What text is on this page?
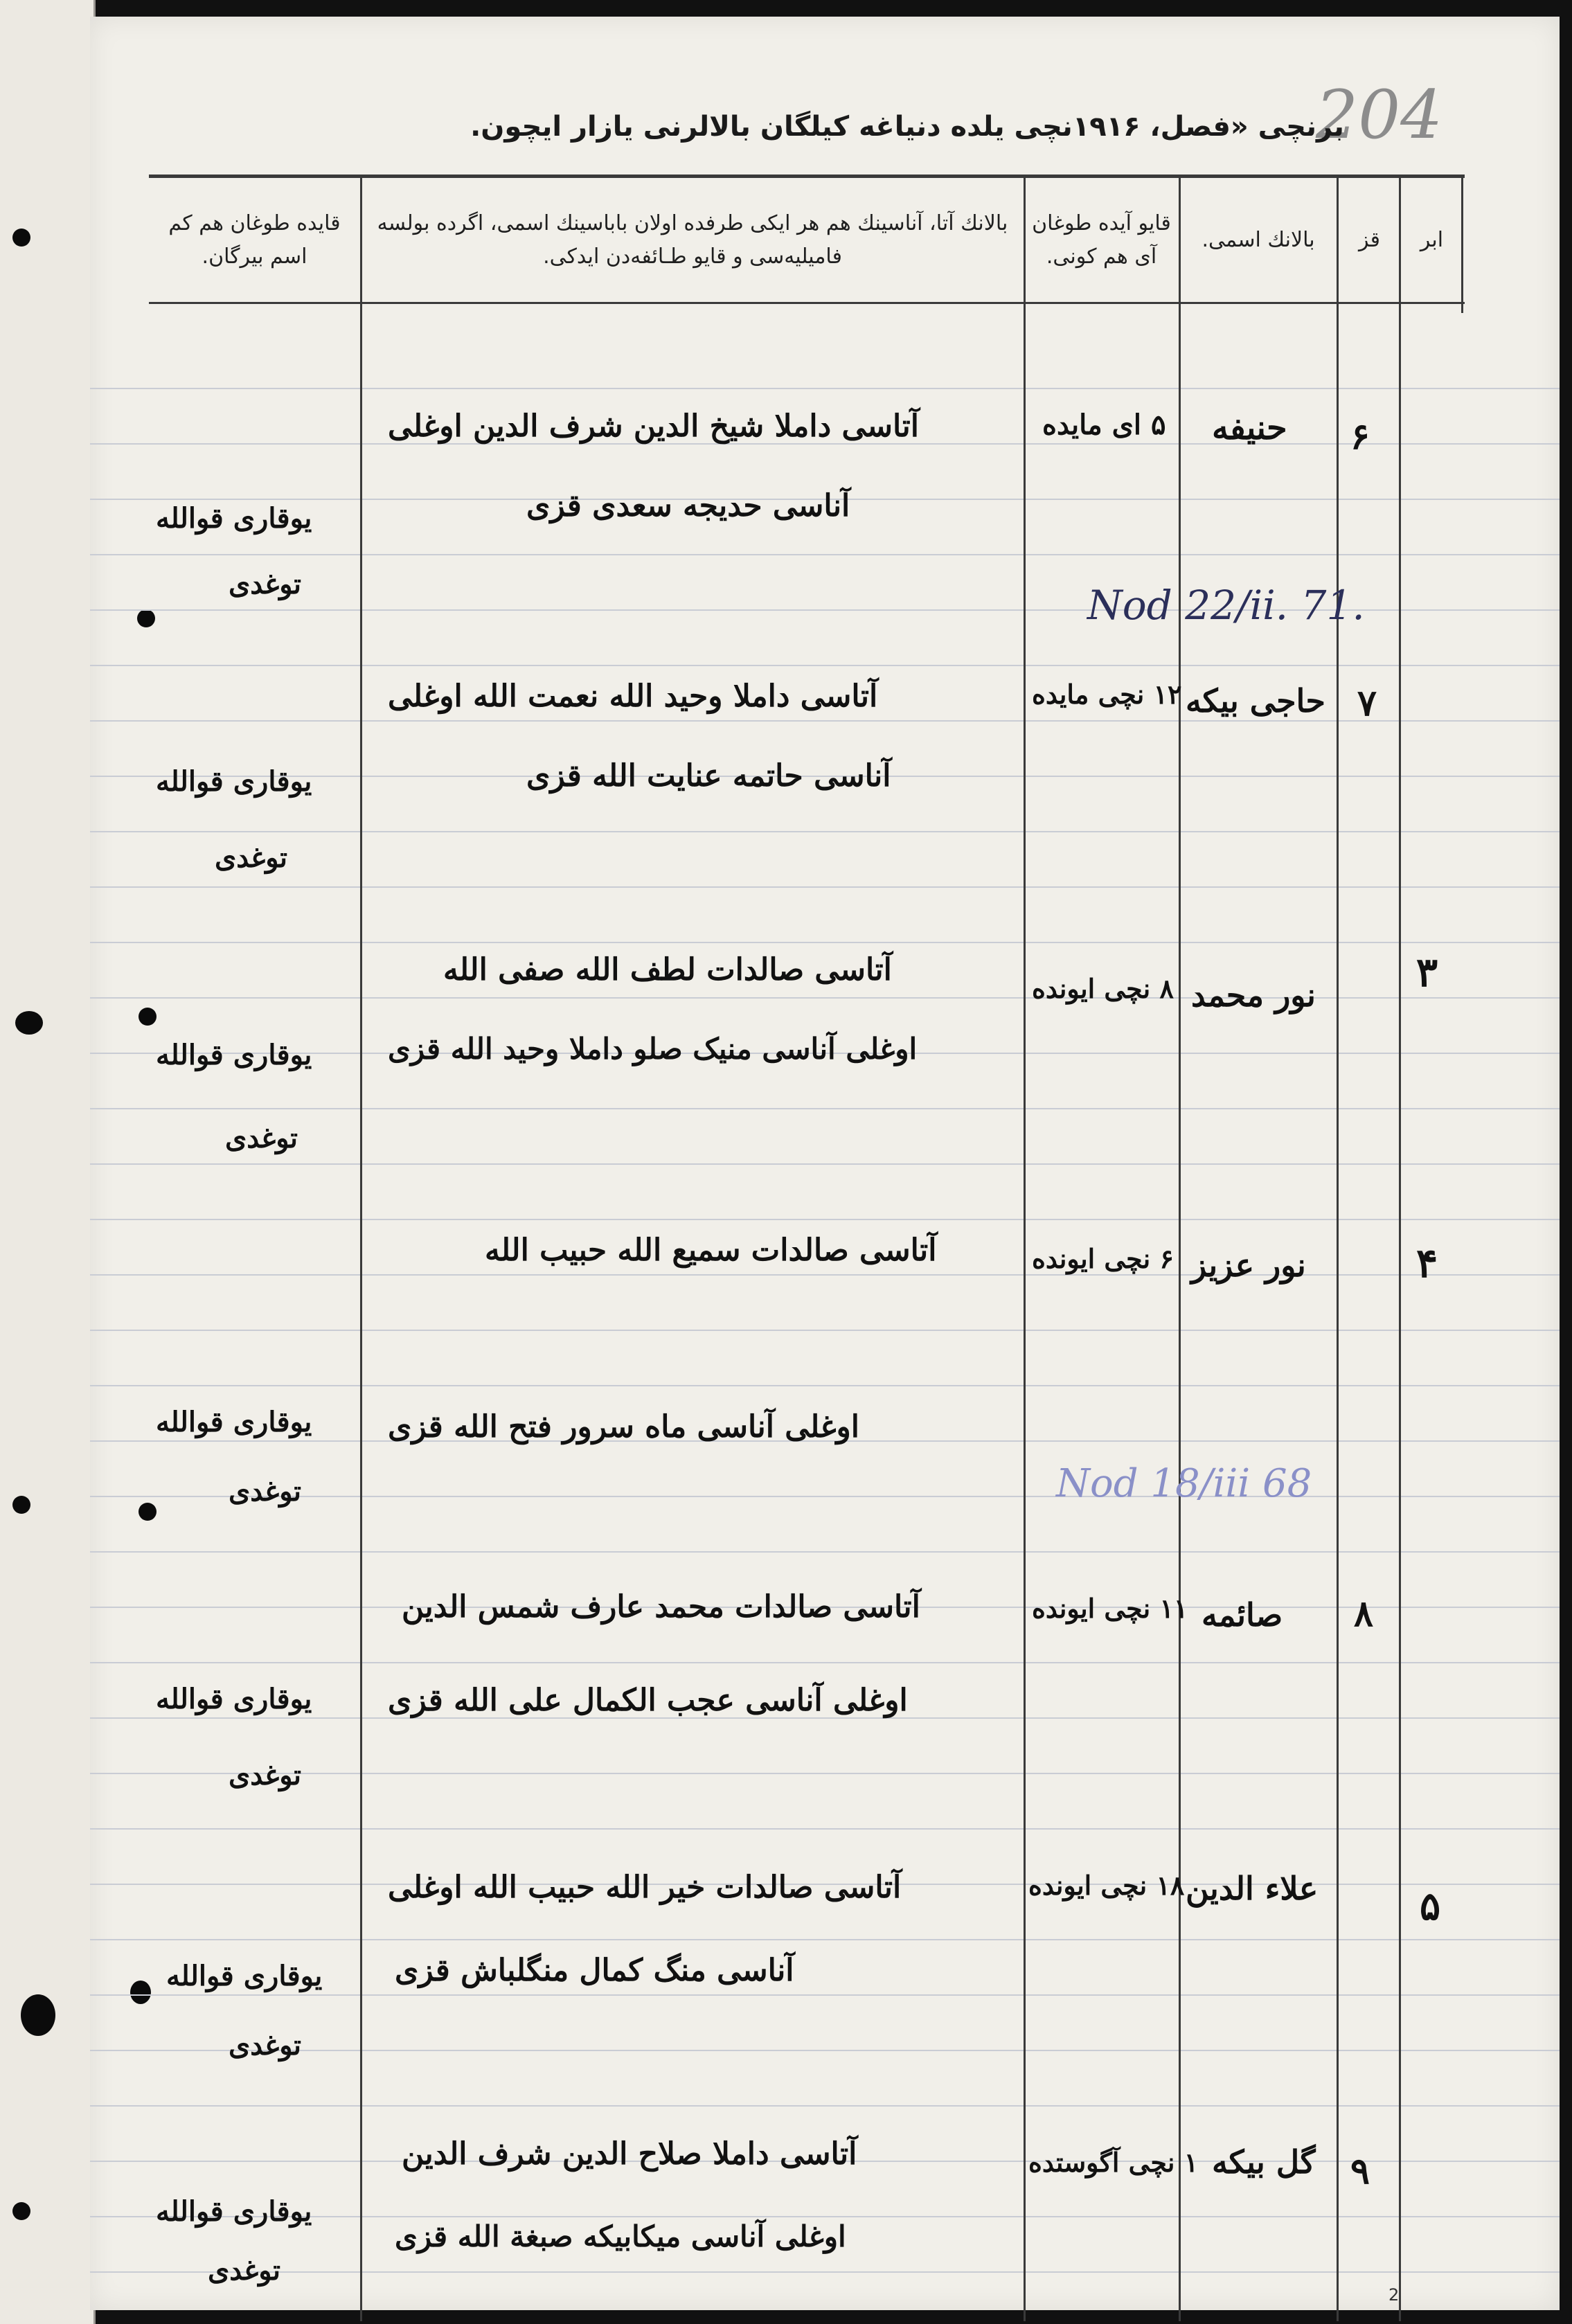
204
برنچی «فصل، ۱۹۱۶نچی یلده دنیاغه کیلگان بالالرنی یازار ایچون.
ابر
قز
بالانك اسمی.
قایو آیده طوغان آی هم کونی.
بالانك آتا، آناسینك هم هر ایکی طرفده اولان باباسینك اسمی، اگرده بولسه فامیلیه‌سی و قایو طـائفه‌دن ایدکی.
قایده طوغان هم کم اسم بیرگان.
۶
حنیفه
۵ ای مایده
آتاسی داملا شیخ الدین شرف الدین اوغلی
آناسی حدیجه سعدی قزی
یوقاری قوالله
توغدی	Nod 22/ii. 71.
۷
حاجی بیکه
۱۲ نچی مایده
آتاسی داملا وحید الله نعمت الله اوغلی
آناسی حاتمه عنایت الله قزی
یوقاری قوالله
توغدی
۳
نور محمد
۸ نچی ایونده
آتاسی صالدات لطف الله صفی الله
اوغلی آناسی منیک صلو داملا وحید الله قزی
یوقاری قوالله
توغدی
۴
نور عزیز
۶ نچی ایونده
آتاسی صالدات سمیع الله حبیب الله
اوغلی آناسی ماه سرور فتح الله قزی
یوقاری قوالله
توغدی	Nod 18/iii 68
۸
صائمه
۱۱ نچی ایونده
آتاسی صالدات محمد عارف شمس الدین
اوغلی آناسی عجب الکمال علی الله قزی
یوقاری قوالله
توغدی
۵
علاء الدین
۱۸ نچی ایونده
آتاسی صالدات خیر الله حبیب الله اوغلی
آناسی منگ کمال منگلباش قزی
یوقاری قوالله
توغدی
۹
گل بیکه
۱ نچی آگوستده
آتاسی داملا صلاح الدین شرف الدین
اوغلی آناسی میکابیکه صبغة الله قزی
یوقاری قوالله
توغدی
2
